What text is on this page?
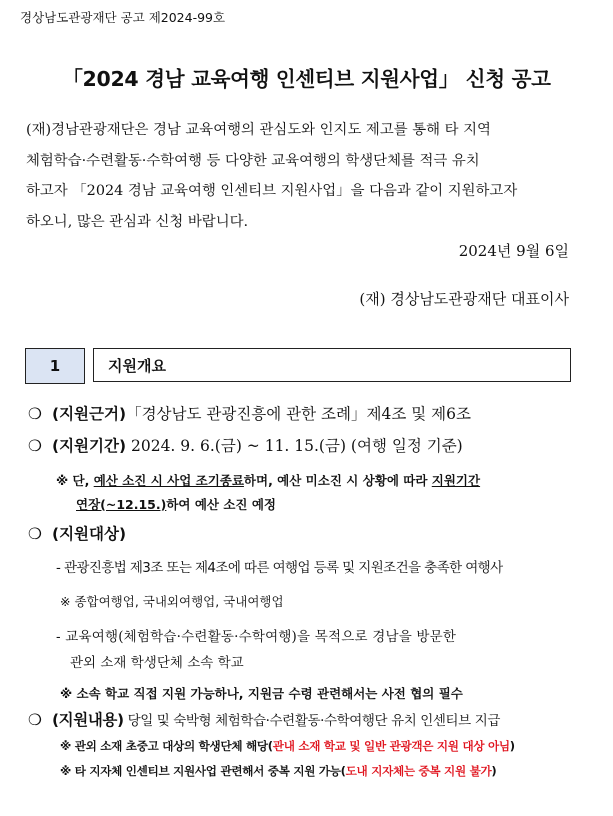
경상남도관광재단 공고 제2024-99호
「2024 경남 교육여행 인센티브 지원사업」 신청 공고
(재)경남관광재단은 경남 교육여행의 관심도와 인지도 제고를 통해 타 지역
체험학습·수련활동·수학여행 등 다양한 교육여행의 학생단체를 적극 유치
하고자 「2024 경남 교육여행 인센티브 지원사업」을 다음과 같이 지원하고자
하오니, 많은 관심과 신청 바랍니다.
2024년 9월 6일
(재) 경상남도관광재단 대표이사
1	지원개요
❍ (지원근거)「경상남도 관광진흥에 관한 조례」제4조 및 제6조
❍ (지원기간) 2024. 9. 6.(금) ~ 11. 15.(금) (여행 일정 기준)
※ 단, 예산 소진 시 사업 조기종료하며, 예산 미소진 시 상황에 따라 지원기간
연장(~12.15.)하여 예산 소진 예정
❍ (지원대상)
- 관광진흥법 제3조 또는 제4조에 따른 여행업 등록 및 지원조건을 충족한 여행사
※ 종합여행업, 국내외여행업, 국내여행업
- 교육여행(체험학습·수련활동·수학여행)을 목적으로 경남을 방문한
관외 소재 학생단체 소속 학교
※ 소속 학교 직접 지원 가능하나, 지원금 수령 관련해서는 사전 협의 필수
❍ (지원내용) 당일 및 숙박형 체험학습·수련활동·수학여행단 유치 인센티브 지급
※ 관외 소재 초중고 대상의 학생단체 해당(관내 소재 학교 및 일반 관광객은 지원 대상 아님)
※ 타 지자체 인센티브 지원사업 관련해서 중복 지원 가능(도내 지자체는 중복 지원 불가)
